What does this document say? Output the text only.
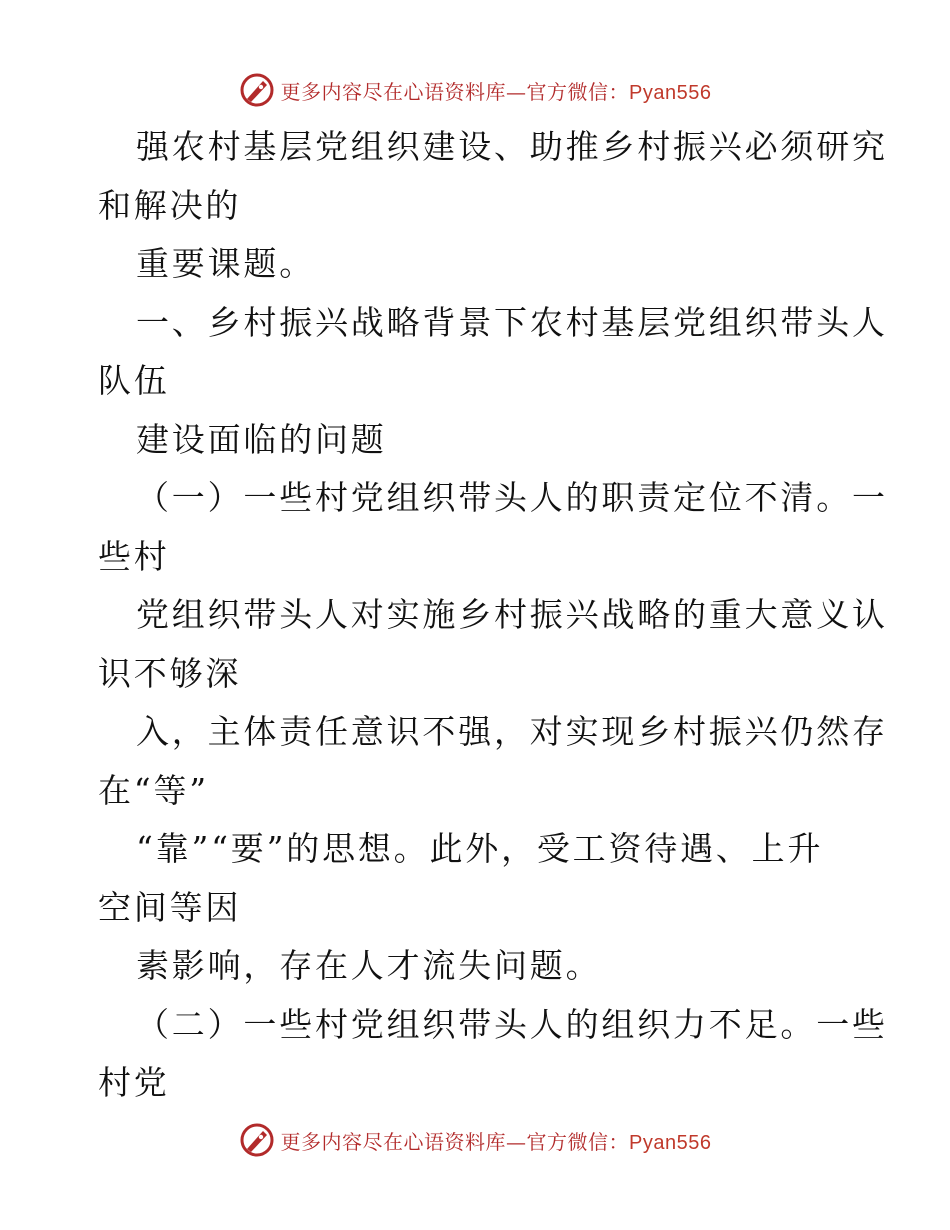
更多内容尽在心语资料库—官方微信：Pyan556
强农村基层党组织建设、助推乡村振兴必须研究
和解决的
重要课题。
一、乡村振兴战略背景下农村基层党组织带头人
队伍
建设面临的问题
（一）一些村党组织带头人的职责定位不清。一
些村
党组织带头人对实施乡村振兴战略的重大意义认
识不够深
入，主体责任意识不强，对实现乡村振兴仍然存
在“等”
“靠”“要”的思想。此外，受工资待遇、上升
空间等因
素影响，存在人才流失问题。
（二）一些村党组织带头人的组织力不足。一些
村党
更多内容尽在心语资料库—官方微信：Pyan556
